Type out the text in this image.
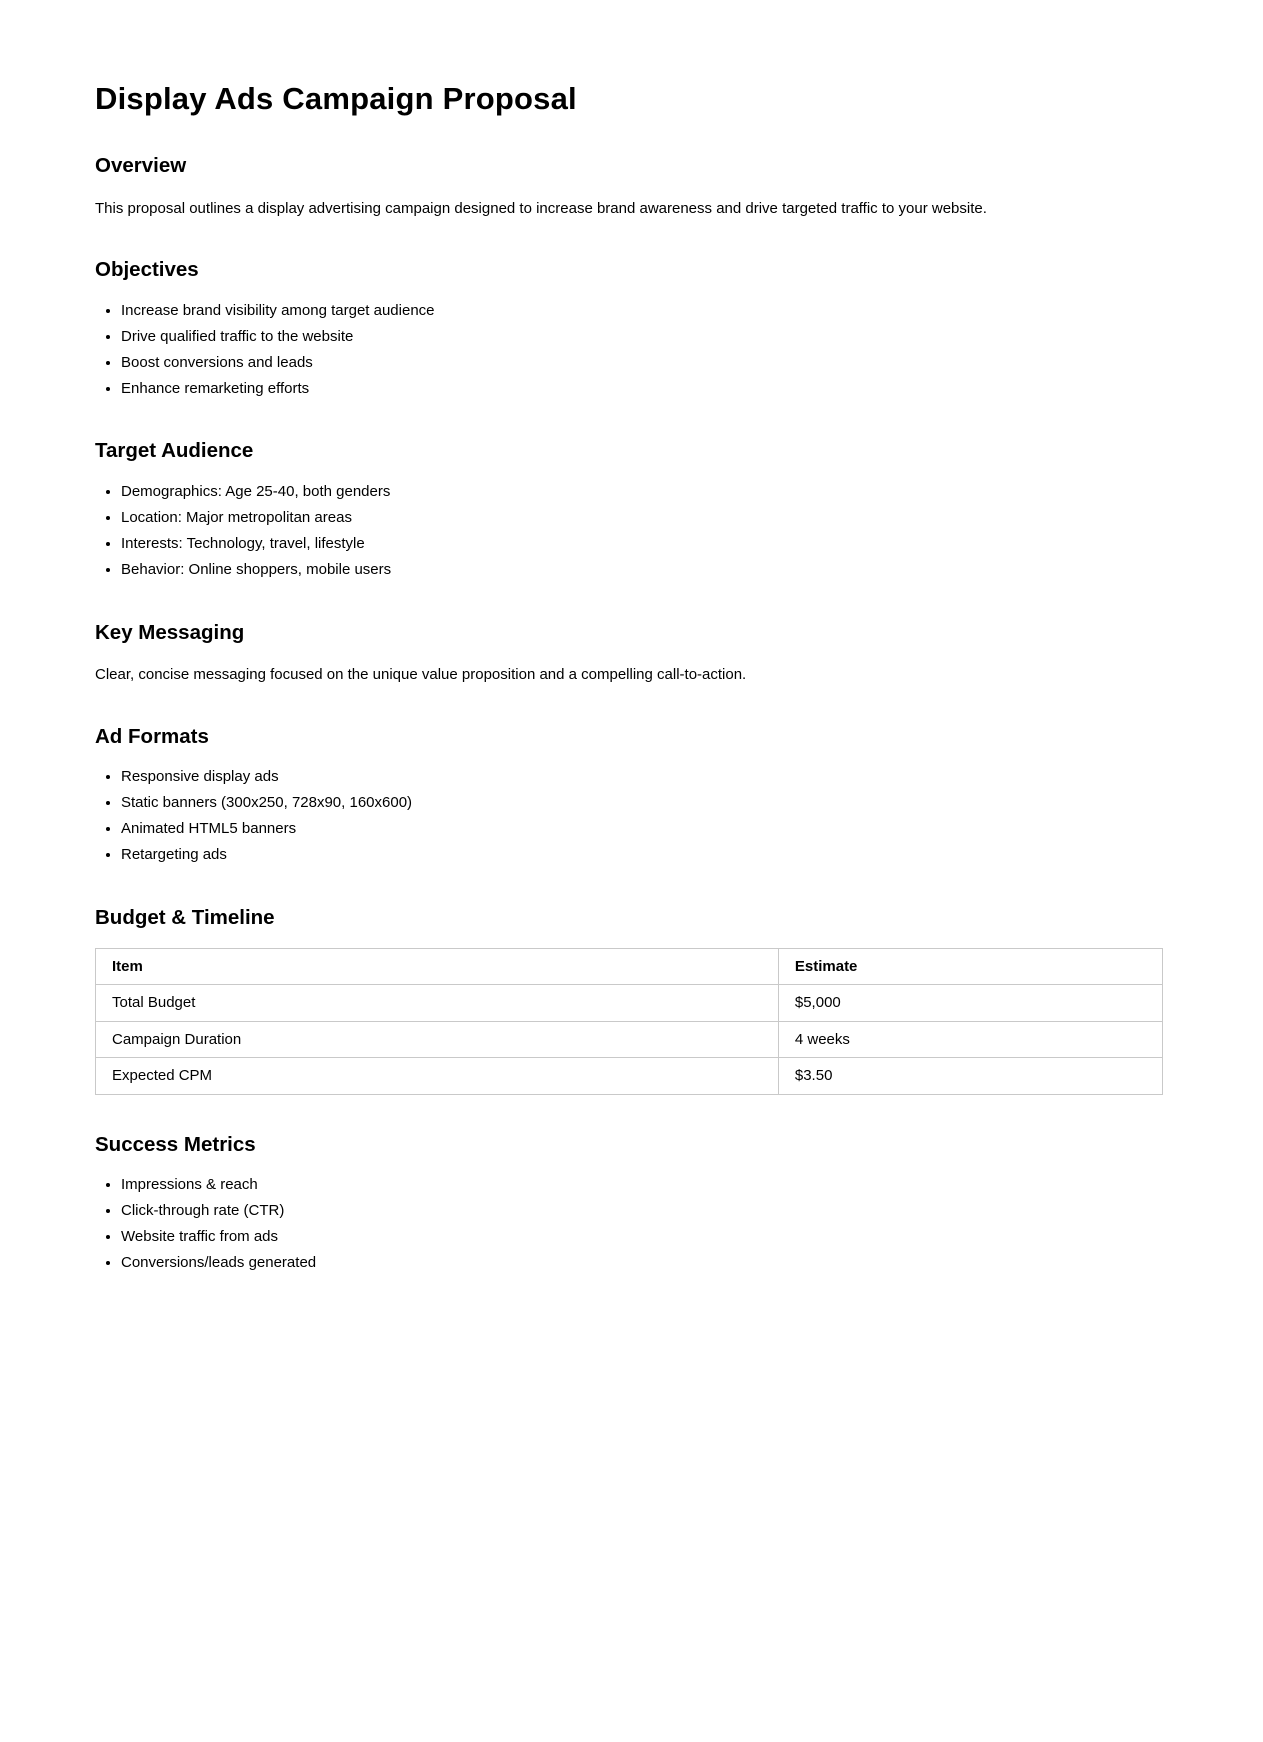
Display Ads Campaign Proposal
Overview

This proposal outlines a display advertising campaign designed to increase brand awareness and drive targeted traffic to your website.

Objectives
• Increase brand visibility among target audience
• Drive qualified traffic to the website
• Boost conversions and leads
• Enhance remarketing efforts
Target Audience
• Demographics: Age 25-40, both genders
• Location: Major metropolitan areas
• Interests: Technology, travel, lifestyle
• Behavior: Online shoppers, mobile users
Key Messaging

Clear, concise messaging focused on the unique value proposition and a compelling call-to-action.

Ad Formats
• Responsive display ads
• Static banners (300x250, 728x90, 160x600)
• Animated HTML5 banners
• Retargeting ads
Budget & Timeline
Item	Estimate
Total Budget	$5,000
Campaign Duration	4 weeks
Expected CPM	$3.50
Success Metrics
• Impressions & reach
• Click-through rate (CTR)
• Website traffic from ads
• Conversions/leads generated
